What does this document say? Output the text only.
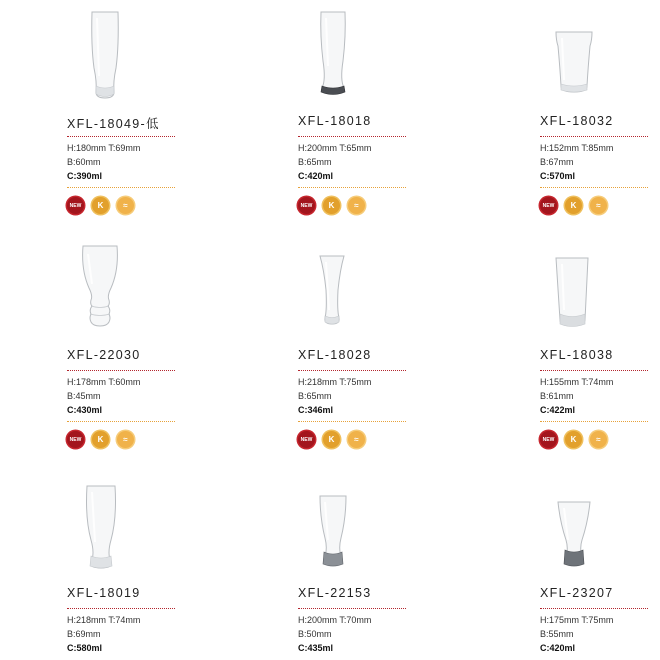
XFL-18049-低
H:180mm T:69mm
B:60mm
C:390ml
NEW	K	≈
XFL-18018
H:200mm T:65mm
B:65mm
C:420ml
NEW	K	≈
XFL-18032
H:152mm T:85mm
B:67mm
C:570ml
NEW	K	≈
XFL-22030
H:178mm T:60mm
B:45mm
C:430ml
NEW	K	≈
XFL-18028
H:218mm T:75mm
B:65mm
C:346ml
NEW	K	≈
XFL-18038
H:155mm T:74mm
B:61mm
C:422ml
NEW	K	≈
XFL-18019
H:218mm T:74mm
B:69mm
C:580ml
XFL-22153
H:200mm T:70mm
B:50mm
C:435ml
XFL-23207
H:175mm T:75mm
B:55mm
C:420ml
